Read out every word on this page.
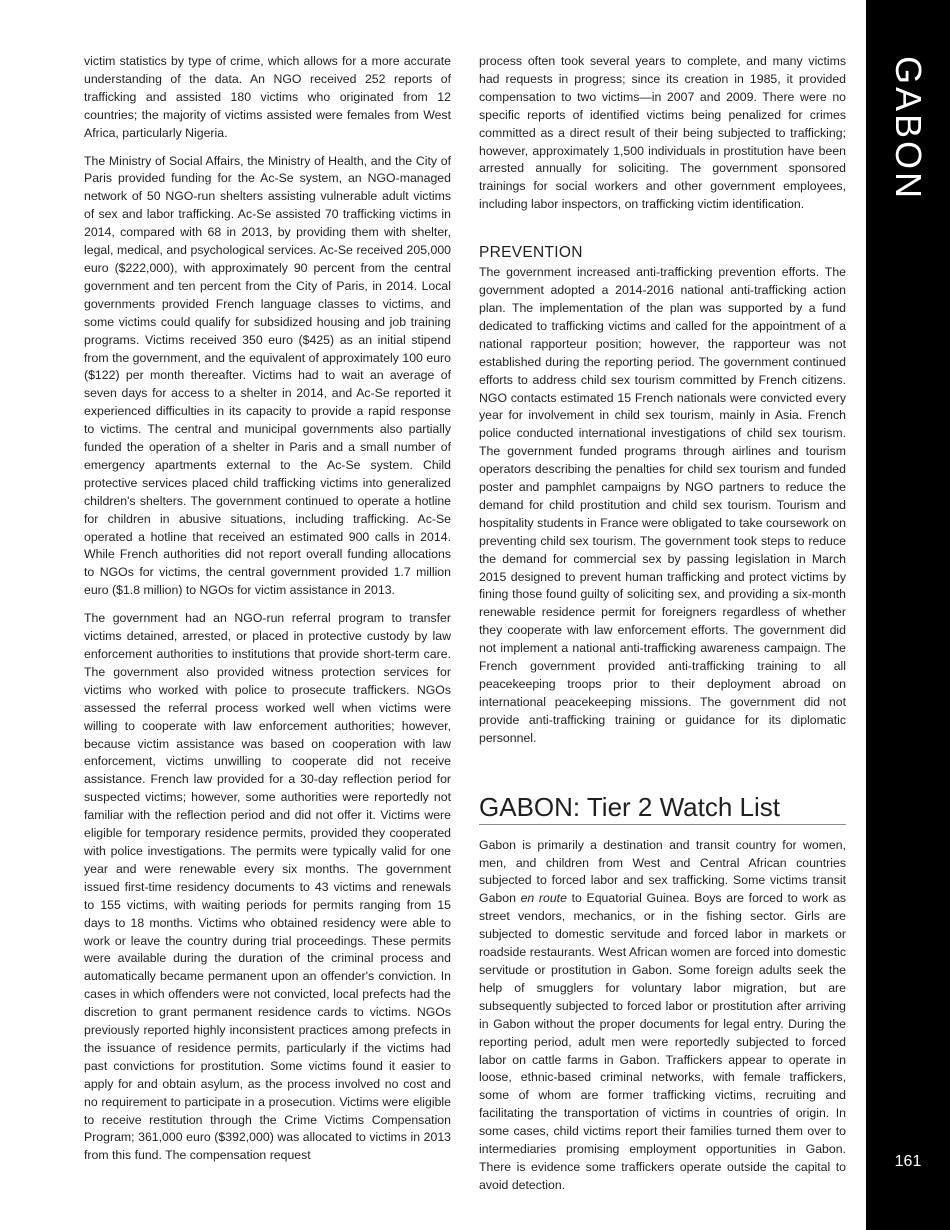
victim statistics by type of crime, which allows for a more accurate understanding of the data. An NGO received 252 reports of trafficking and assisted 180 victims who originated from 12 countries; the majority of victims assisted were females from West Africa, particularly Nigeria.

The Ministry of Social Affairs, the Ministry of Health, and the City of Paris provided funding for the Ac-Se system, an NGO-managed network of 50 NGO-run shelters assisting vulnerable adult victims of sex and labor trafficking. Ac-Se assisted 70 trafficking victims in 2014, compared with 68 in 2013, by providing them with shelter, legal, medical, and psychological services. Ac-Se received 205,000 euro ($222,000), with approximately 90 percent from the central government and ten percent from the City of Paris, in 2014. Local governments provided French language classes to victims, and some victims could qualify for subsidized housing and job training programs. Victims received 350 euro ($425) as an initial stipend from the government, and the equivalent of approximately 100 euro ($122) per month thereafter. Victims had to wait an average of seven days for access to a shelter in 2014, and Ac-Se reported it experienced difficulties in its capacity to provide a rapid response to victims. The central and municipal governments also partially funded the operation of a shelter in Paris and a small number of emergency apartments external to the Ac-Se system. Child protective services placed child trafficking victims into generalized children's shelters. The government continued to operate a hotline for children in abusive situations, including trafficking. Ac-Se operated a hotline that received an estimated 900 calls in 2014. While French authorities did not report overall funding allocations to NGOs for victims, the central government provided 1.7 million euro ($1.8 million) to NGOs for victim assistance in 2013.

The government had an NGO-run referral program to transfer victims detained, arrested, or placed in protective custody by law enforcement authorities to institutions that provide short-term care. The government also provided witness protection services for victims who worked with police to prosecute traffickers. NGOs assessed the referral process worked well when victims were willing to cooperate with law enforcement authorities; however, because victim assistance was based on cooperation with law enforcement, victims unwilling to cooperate did not receive assistance. French law provided for a 30-day reflection period for suspected victims; however, some authorities were reportedly not familiar with the reflection period and did not offer it. Victims were eligible for temporary residence permits, provided they cooperated with police investigations. The permits were typically valid for one year and were renewable every six months. The government issued first-time residency documents to 43 victims and renewals to 155 victims, with waiting periods for permits ranging from 15 days to 18 months. Victims who obtained residency were able to work or leave the country during trial proceedings. These permits were available during the duration of the criminal process and automatically became permanent upon an offender's conviction. In cases in which offenders were not convicted, local prefects had the discretion to grant permanent residence cards to victims. NGOs previously reported highly inconsistent practices among prefects in the issuance of residence permits, particularly if the victims had past convictions for prostitution. Some victims found it easier to apply for and obtain asylum, as the process involved no cost and no requirement to participate in a prosecution. Victims were eligible to receive restitution through the Crime Victims Compensation Program; 361,000 euro ($392,000) was allocated to victims in 2013 from this fund. The compensation request

process often took several years to complete, and many victims had requests in progress; since its creation in 1985, it provided compensation to two victims—in 2007 and 2009. There were no specific reports of identified victims being penalized for crimes committed as a direct result of their being subjected to trafficking; however, approximately 1,500 individuals in prostitution have been arrested annually for soliciting. The government sponsored trainings for social workers and other government employees, including labor inspectors, on trafficking victim identification.

PREVENTION

The government increased anti-trafficking prevention efforts. The government adopted a 2014-2016 national anti-trafficking action plan. The implementation of the plan was supported by a fund dedicated to trafficking victims and called for the appointment of a national rapporteur position; however, the rapporteur was not established during the reporting period. The government continued efforts to address child sex tourism committed by French citizens. NGO contacts estimated 15 French nationals were convicted every year for involvement in child sex tourism, mainly in Asia. French police conducted international investigations of child sex tourism. The government funded programs through airlines and tourism operators describing the penalties for child sex tourism and funded poster and pamphlet campaigns by NGO partners to reduce the demand for child prostitution and child sex tourism. Tourism and hospitality students in France were obligated to take coursework on preventing child sex tourism. The government took steps to reduce the demand for commercial sex by passing legislation in March 2015 designed to prevent human trafficking and protect victims by fining those found guilty of soliciting sex, and providing a six-month renewable residence permit for foreigners regardless of whether they cooperate with law enforcement efforts. The government did not implement a national anti-trafficking awareness campaign. The French government provided anti-trafficking training to all peacekeeping troops prior to their deployment abroad on international peacekeeping missions. The government did not provide anti-trafficking training or guidance for its diplomatic personnel.

GABON: Tier 2 Watch List

Gabon is primarily a destination and transit country for women, men, and children from West and Central African countries subjected to forced labor and sex trafficking. Some victims transit Gabon en route to Equatorial Guinea. Boys are forced to work as street vendors, mechanics, or in the fishing sector. Girls are subjected to domestic servitude and forced labor in markets or roadside restaurants. West African women are forced into domestic servitude or prostitution in Gabon. Some foreign adults seek the help of smugglers for voluntary labor migration, but are subsequently subjected to forced labor or prostitution after arriving in Gabon without the proper documents for legal entry. During the reporting period, adult men were reportedly subjected to forced labor on cattle farms in Gabon. Traffickers appear to operate in loose, ethnic-based criminal networks, with female traffickers, some of whom are former trafficking victims, recruiting and facilitating the transportation of victims in countries of origin. In some cases, child victims report their families turned them over to intermediaries promising employment opportunities in Gabon. There is evidence some traffickers operate outside the capital to avoid detection.

GABON
161
